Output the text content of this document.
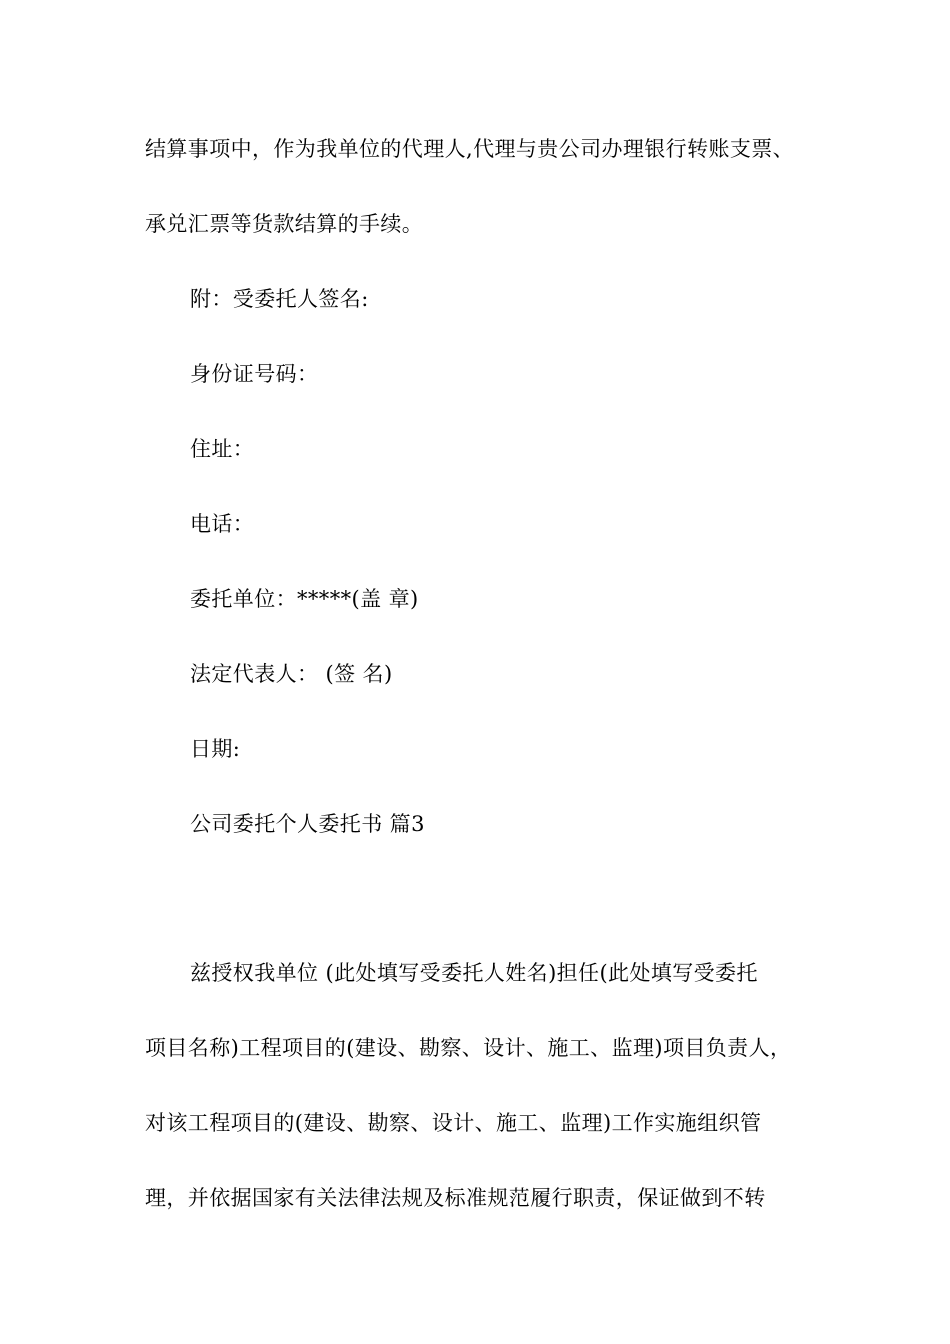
结算事项中，作为我单位的代理人,代理与贵公司办理银行转账支票、
承兑汇票等货款结算的手续。
附：受委托人签名:
身份证号码：
住址：
电话：
委托单位：*****(盖 章)
法定代表人： (签 名)
日期:
公司委托个人委托书 篇3
兹授权我单位 (此处填写受委托人姓名)担任(此处填写受委托
项目名称)工程项目的(建设、勘察、设计、施工、监理)项目负责人，
对该工程项目的(建设、勘察、设计、施工、监理)工作实施组织管
理，并依据国家有关法律法规及标准规范履行职责，保证做到不转
